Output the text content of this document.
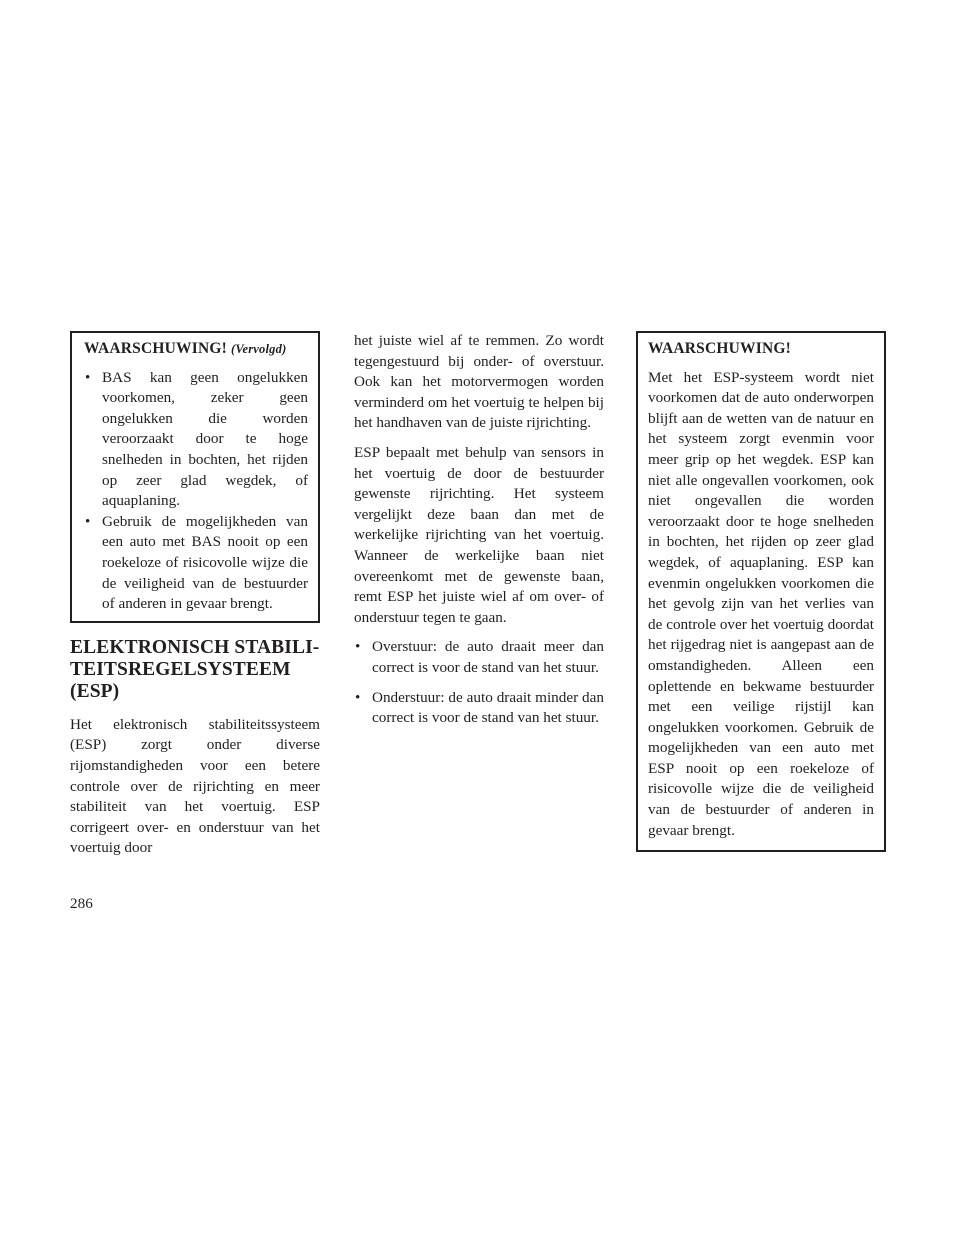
WAARSCHUWING! (Vervolgd)
• BAS kan geen ongelukken voorkomen, zeker geen ongelukken die worden veroorzaakt door te hoge snelheden in bochten, het rijden op zeer glad wegdek, of aquaplaning.
• Gebruik de mogelijkheden van een auto met BAS nooit op een roekeloze of risicovolle wijze die de veiligheid van de bestuurder of anderen in gevaar brengt.
ELEKTRONISCH STABILI-
TEITSREGELSYSTEEM
(ESP)

Het elektronisch stabiliteitssysteem (ESP) zorgt onder diverse rijomstandigheden voor een betere controle over de rijrichting en meer stabiliteit van het voertuig. ESP corrigeert over- en onderstuur van het voertuig door

het juiste wiel af te remmen. Zo wordt tegengestuurd bij onder- of overstuur. Ook kan het motorvermogen worden verminderd om het voertuig te helpen bij het handhaven van de juiste rijrichting.

ESP bepaalt met behulp van sensors in het voertuig de door de bestuurder gewenste rijrichting. Het systeem vergelijkt deze baan dan met de werkelijke rijrichting van het voertuig. Wanneer de werkelijke baan niet overeenkomt met de gewenste baan, remt ESP het juiste wiel af om over- of onderstuur tegen te gaan.

• Overstuur: de auto draait meer dan correct is voor de stand van het stuur.
• Onderstuur: de auto draait minder dan correct is voor de stand van het stuur.
WAARSCHUWING!

Met het ESP-systeem wordt niet voorkomen dat de auto onderworpen blijft aan de wetten van de natuur en het systeem zorgt evenmin voor meer grip op het wegdek. ESP kan niet alle ongevallen voorkomen, ook niet ongevallen die worden veroorzaakt door te hoge snelheden in bochten, het rijden op zeer glad wegdek, of aquaplaning. ESP kan evenmin ongelukken voorkomen die het gevolg zijn van het verlies van de controle over het voertuig doordat het rijgedrag niet is aangepast aan de omstandigheden. Alleen een oplettende en bekwame bestuurder met een veilige rijstijl kan ongelukken voorkomen. Gebruik de mogelijkheden van een auto met ESP nooit op een roekeloze of risicovolle wijze die de veiligheid van de bestuurder of anderen in gevaar brengt.

286
